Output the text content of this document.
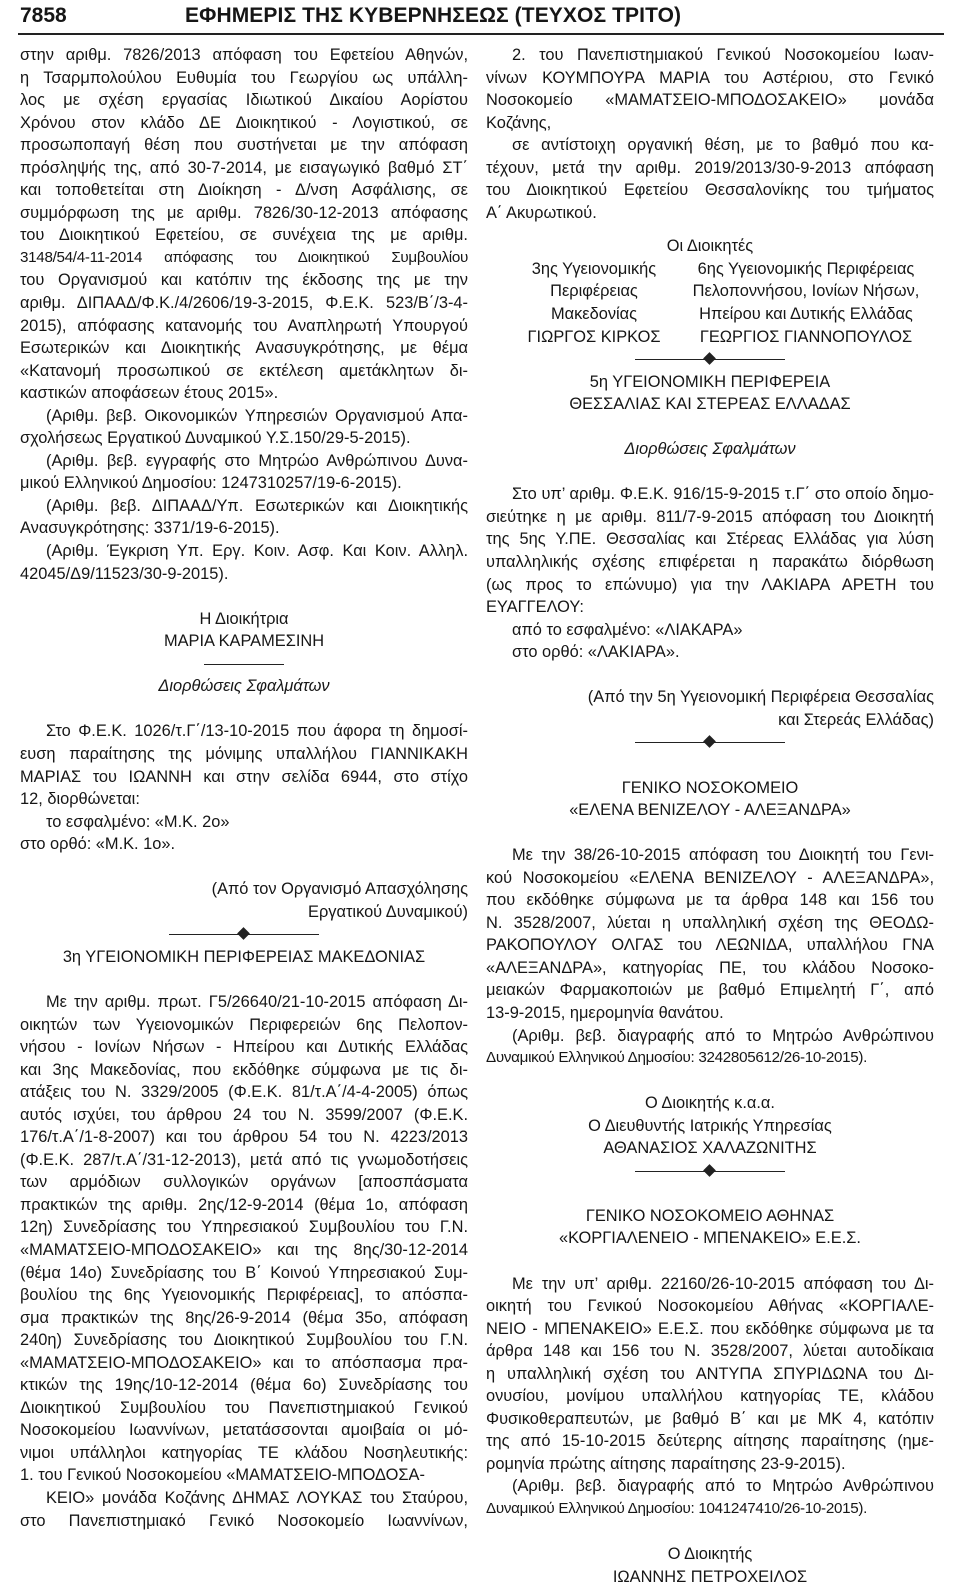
7858	ΕΦΗΜΕΡΙΣ ΤΗΣ ΚΥΒΕΡΝΗΣΕΩΣ (ΤΕΥΧΟΣ ΤΡΙΤΟ)
στην αριθμ. 7826/2013 απόφαση του Εφετείου Αθηνών,
η Τσαρμπολούλου Ευθυμία του Γεωργίου ως υπάλλη-
λος με σχέση εργασίας Ιδιωτικού Δικαίου Αορίστου
Χρόνου στον κλάδο ΔΕ Διοικητικού - Λογιστικού, σε
προσωποπαγή θέση που συστήνεται με την απόφαση
πρόσληψής της, από 30-7-2014, με εισαγωγικό βαθμό ΣΤ΄
και τοποθετείται στη Διοίκηση - Δ/νση Ασφάλισης, σε
συμμόρφωση της με αριθμ. 7826/30-12-2013 απόφασης
του Διοικητικού Εφετείου, σε συνέχεια της με αριθμ.
3148/54/4-11-2014 απόφασης του Διοικητικού Συμβουλίου
του Οργανισμού και κατόπιν της έκδοσης της με την
αριθμ. ΔΙΠΑΑΔ/Φ.Κ./4/2606/19-3-2015, Φ.Ε.Κ. 523/Β΄/3-4-
2015), απόφασης κατανομής του Αναπληρωτή Υπουργού
Εσωτερικών και Διοικητικής Ανασυγκρότησης, με θέμα
«Κατανομή προσωπικού σε εκτέλεση αμετάκλητων δι-
καστικών αποφάσεων έτους 2015».
(Αριθμ. βεβ. Οικονομικών Υπηρεσιών Οργανισμού Απα-
σχολήσεως Εργατικού Δυναμικού Υ.Σ.150/29-5-2015).
(Αριθμ. βεβ. εγγραφής στο Μητρώο Ανθρώπινου Δυνα-
μικού Ελληνικού Δημοσίου: 1247310257/19-6-2015).
(Αριθμ. βεβ. ΔΙΠΑΑΔ/Υπ. Εσωτερικών και Διοικητικής
Ανασυγκρότησης: 3371/19-6-2015).
(Αριθμ. Έγκριση Υπ. Εργ. Κοιν. Ασφ. Και Κοιν. Αλληλ.
42045/Δ9/11523/30-9-2015).
Η Διοικήτρια
ΜΑΡΙΑ ΚΑΡΑΜΕΣΙΝΗ
Διορθώσεις Σφαλμάτων
Στο Φ.Ε.Κ. 1026/τ.Γ΄/13-10-2015 που άφορα τη δημοσί-
ευση παραίτησης της μόνιμης υπαλλήλου ΓΙΑΝΝΙΚΑΚΗ
ΜΑΡΙΑΣ του ΙΩΑΝΝΗ και στην σελίδα 6944, στο στίχο
12, διορθώνεται:
το εσφαλμένο: «Μ.Κ. 2ο»
στο ορθό: «Μ.Κ. 1ο».
(Από τον Οργανισμό Απασχόλησης
Εργατικού Δυναμικού)
3η ΥΓΕΙΟΝΟΜΙΚΗ ΠΕΡΙΦΕΡΕΙΑΣ ΜΑΚΕΔΟΝΙΑΣ
Με την αριθμ. πρωτ. Γ5/26640/21-10-2015 απόφαση Δι-
οικητών των Υγειονομικών Περιφερειών 6ης Πελοπον-
νήσου - Ιονίων Νήσων - Ηπείρου και Δυτικής Ελλάδας
και 3ης Μακεδονίας, που εκδόθηκε σύμφωνα με τις δι-
ατάξεις του Ν. 3329/2005 (Φ.Ε.Κ. 81/τ.Α΄/4-4-2005) όπως
αυτός ισχύει, του άρθρου 24 του Ν. 3599/2007 (Φ.Ε.Κ.
176/τ.Α΄/1-8-2007) και του άρθρου 54 του Ν. 4223/2013
(Φ.Ε.Κ. 287/τ.Α΄/31-12-2013), μετά από τις γνωμοδοτήσεις
των αρμόδιων συλλογικών οργάνων [αποσπάσματα
πρακτικών της αριθμ. 2ης/12-9-2014 (θέμα 1ο, απόφαση
12η) Συνεδρίασης του Υπηρεσιακού Συμβουλίου του Γ.Ν.
«ΜΑΜΑΤΣΕΙΟ-ΜΠΟΔΟΣΑΚΕΙΟ» και της 8ης/30-12-2014
(θέμα 14ο) Συνεδρίασης του Β΄ Κοινού Υπηρεσιακού Συμ-
βουλίου της 6ης Υγειονομικής Περιφέρειας], το απόσπα-
σμα πρακτικών της 8ης/26-9-2014 (θέμα 35ο, απόφαση
240η) Συνεδρίασης του Διοικητικού Συμβουλίου του Γ.Ν.
«ΜΑΜΑΤΣΕΙΟ-ΜΠΟΔΟΣΑΚΕΙΟ» και το απόσπασμα πρα-
κτικών της 19ης/10-12-2014 (θέμα 6ο) Συνεδρίασης του
Διοικητικού Συμβουλίου του Πανεπιστημιακού Γενικού
Νοσοκομείου Ιωαννίνων, μετατάσσονται αμοιβαία οι μό-
νιμοι υπάλληλοι κατηγορίας ΤΕ κλάδου Νοσηλευτικής:
1. του Γενικού Νοσοκομείου «ΜΑΜΑΤΣΕΙΟ-ΜΠΟΔΟΣΑ-
ΚΕΙΟ» μονάδα Κοζάνης ΔΗΜΑΣ ΛΟΥΚΑΣ του Σταύρου,
στο Πανεπιστημιακό Γενικό Νοσοκομείο Ιωαννίνων,
2. του Πανεπιστημιακού Γενικού Νοσοκομείου Ιωαν-
νίνων ΚΟΥΜΠΟΥΡΑ ΜΑΡΙΑ του Αστέριου, στο Γενικό
Νοσοκομείο «ΜΑΜΑΤΣΕΙΟ-ΜΠΟΔΟΣΑΚΕΙΟ» μονάδα
Κοζάνης,
σε αντίστοιχη οργανική θέση, με το βαθμό που κα-
τέχουν, μετά την αριθμ. 2019/2013/30-9-2013 απόφαση
του Διοικητικού Εφετείου Θεσσαλονίκης του τμήματος
Α΄ Ακυρωτικού.
Οι Διοικητές
3ης Υγειονομικής
Περιφέρειας
Μακεδονίας
ΓΙΩΡΓΟΣ ΚΙΡΚΟΣ
6ης Υγειονομικής Περιφέρειας
Πελοποννήσου, Ιονίων Νήσων,
Ηπείρου και Δυτικής Ελλάδας
ΓΕΩΡΓΙΟΣ ΓΙΑΝΝΟΠΟΥΛΟΣ
5η ΥΓΕΙΟΝΟΜΙΚΗ ΠΕΡΙΦΕΡΕΙΑ
ΘΕΣΣΑΛΙΑΣ ΚΑΙ ΣΤΕΡΕΑΣ ΕΛΛΑΔΑΣ
Διορθώσεις Σφαλμάτων
Στο υπ’ αριθμ. Φ.Ε.Κ. 916/15-9-2015 τ.Γ΄ στο οποίο δημο-
σιεύτηκε η με αριθμ. 811/7-9-2015 απόφαση του Διοικητή
της 5ης Υ.ΠΕ. Θεσσαλίας και Στέρεας Ελλάδας για λύση
υπαλληλικής σχέσης επιφέρεται η παρακάτω διόρθωση
(ως προς το επώνυμο) για την ΛΑΚΙΑΡΑ ΑΡΕΤΗ του
ΕΥΑΓΓΕΛΟΥ:
από το εσφαλμένο: «ΛΙΑΚΑΡΑ»
στο ορθό: «ΛΑΚΙΑΡΑ».
(Από την 5η Υγειονομική Περιφέρεια Θεσσαλίας
και Στερεάς Ελλάδας)
ΓΕΝΙΚΟ ΝΟΣΟΚΟΜΕΙΟ
«ΕΛΕΝΑ ΒΕΝΙΖΕΛΟΥ - ΑΛΕΞΑΝΔΡΑ»
Με την 38/26-10-2015 απόφαση του Διοικητή του Γενι-
κού Νοσοκομείου «ΕΛΕΝΑ ΒΕΝΙΖΕΛΟΥ - ΑΛΕΞΑΝΔΡΑ»,
που εκδόθηκε σύμφωνα με τα άρθρα 148 και 156 του
Ν. 3528/2007, λύεται η υπαλληλική σχέση της ΘΕΟΔΩ-
ΡΑΚΟΠΟΥΛΟΥ ΟΛΓΑΣ του ΛΕΩΝΙΔΑ, υπαλλήλου ΓΝΑ
«ΑΛΕΞΑΝΔΡΑ», κατηγορίας ΠΕ, του κλάδου Νοσοκο-
μειακών Φαρμακοποιών με βαθμό Επιμελητή Γ΄, από
13-9-2015, ημερομηνία θανάτου.
(Αριθμ. βεβ. διαγραφής από το Μητρώο Ανθρώπινου
Δυναμικού Ελληνικού Δημοσίου: 3242805612/26-10-2015).
Ο Διοικητής κ.α.α.
Ο Διευθυντής Ιατρικής Υπηρεσίας
ΑΘΑΝΑΣΙΟΣ ΧΑΛΑΖΩΝΙΤΗΣ
ΓΕΝΙΚΟ ΝΟΣΟΚΟΜΕΙΟ ΑΘΗΝΑΣ
«ΚΟΡΓΙΑΛΕΝΕΙΟ - ΜΠΕΝΑΚΕΙΟ» Ε.Ε.Σ.
Με την υπ’ αριθμ. 22160/26-10-2015 απόφαση του Δι-
οικητή του Γενικού Νοσοκομείου Αθήνας «ΚΟΡΓΙΑΛΕ-
ΝΕΙΟ - ΜΠΕΝΑΚΕΙΟ» Ε.Ε.Σ. που εκδόθηκε σύμφωνα με τα
άρθρα 148 και 156 του Ν. 3528/2007, λύεται αυτοδίκαια
η υπαλληλική σχέση του ΑΝΤΥΠΑ ΣΠΥΡΙΔΩΝΑ του Δι-
ονυσίου, μονίμου υπαλλήλου κατηγορίας ΤΕ, κλάδου
Φυσικοθεραπευτών, με βαθμό Β΄ και με ΜΚ 4, κατόπιν
της από 15-10-2015 δεύτερης αίτησης παραίτησης (ημε-
ρομηνία πρώτης αίτησης παραίτησης 23-9-2015).
(Αριθμ. βεβ. διαγραφής από το Μητρώο Ανθρώπινου
Δυναμικού Ελληνικού Δημοσίου: 1041247410/26-10-2015).
Ο Διοικητής
ΙΩΑΝΝΗΣ ΠΕΤΡΟΧΕΙΛΟΣ
